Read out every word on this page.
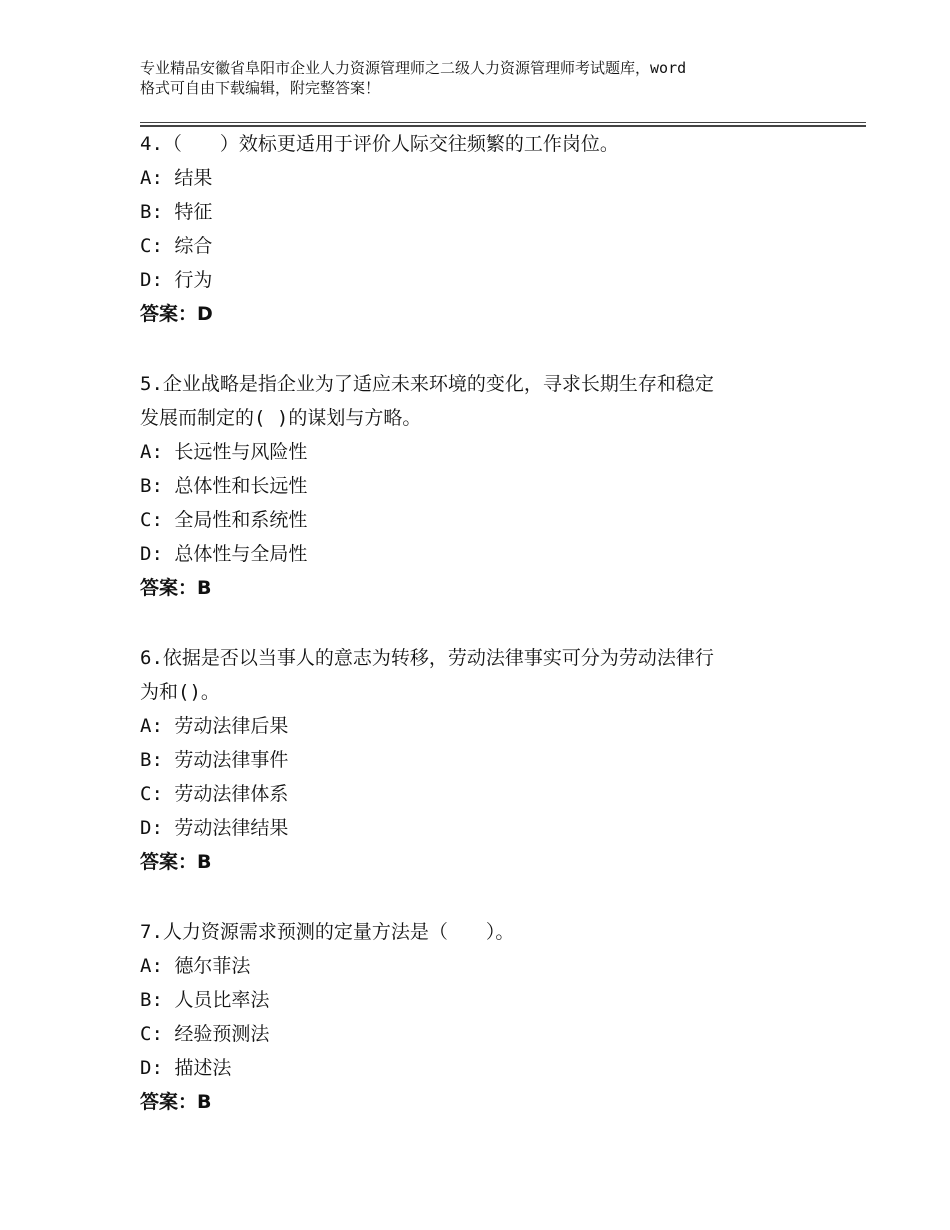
专业精品安徽省阜阳市企业人力资源管理师之二级人力资源管理师考试题库，word
格式可自由下载编辑，附完整答案！
4.（　　）效标更适用于评价人际交往频繁的工作岗位。
A: 结果
B: 特征
C: 综合
D: 行为
答案：D
5.企业战略是指企业为了适应未来环境的变化，寻求长期生存和稳定
发展而制定的( )的谋划与方略。
A: 长远性与风险性
B: 总体性和长远性
C: 全局性和系统性
D: 总体性与全局性
答案：B
6.依据是否以当事人的意志为转移，劳动法律事实可分为劳动法律行
为和()。
A: 劳动法律后果
B: 劳动法律事件
C: 劳动法律体系
D: 劳动法律结果
答案：B
7.人力资源需求预测的定量方法是（　　）。
A: 德尔菲法
B: 人员比率法
C: 经验预测法
D: 描述法
答案：B
